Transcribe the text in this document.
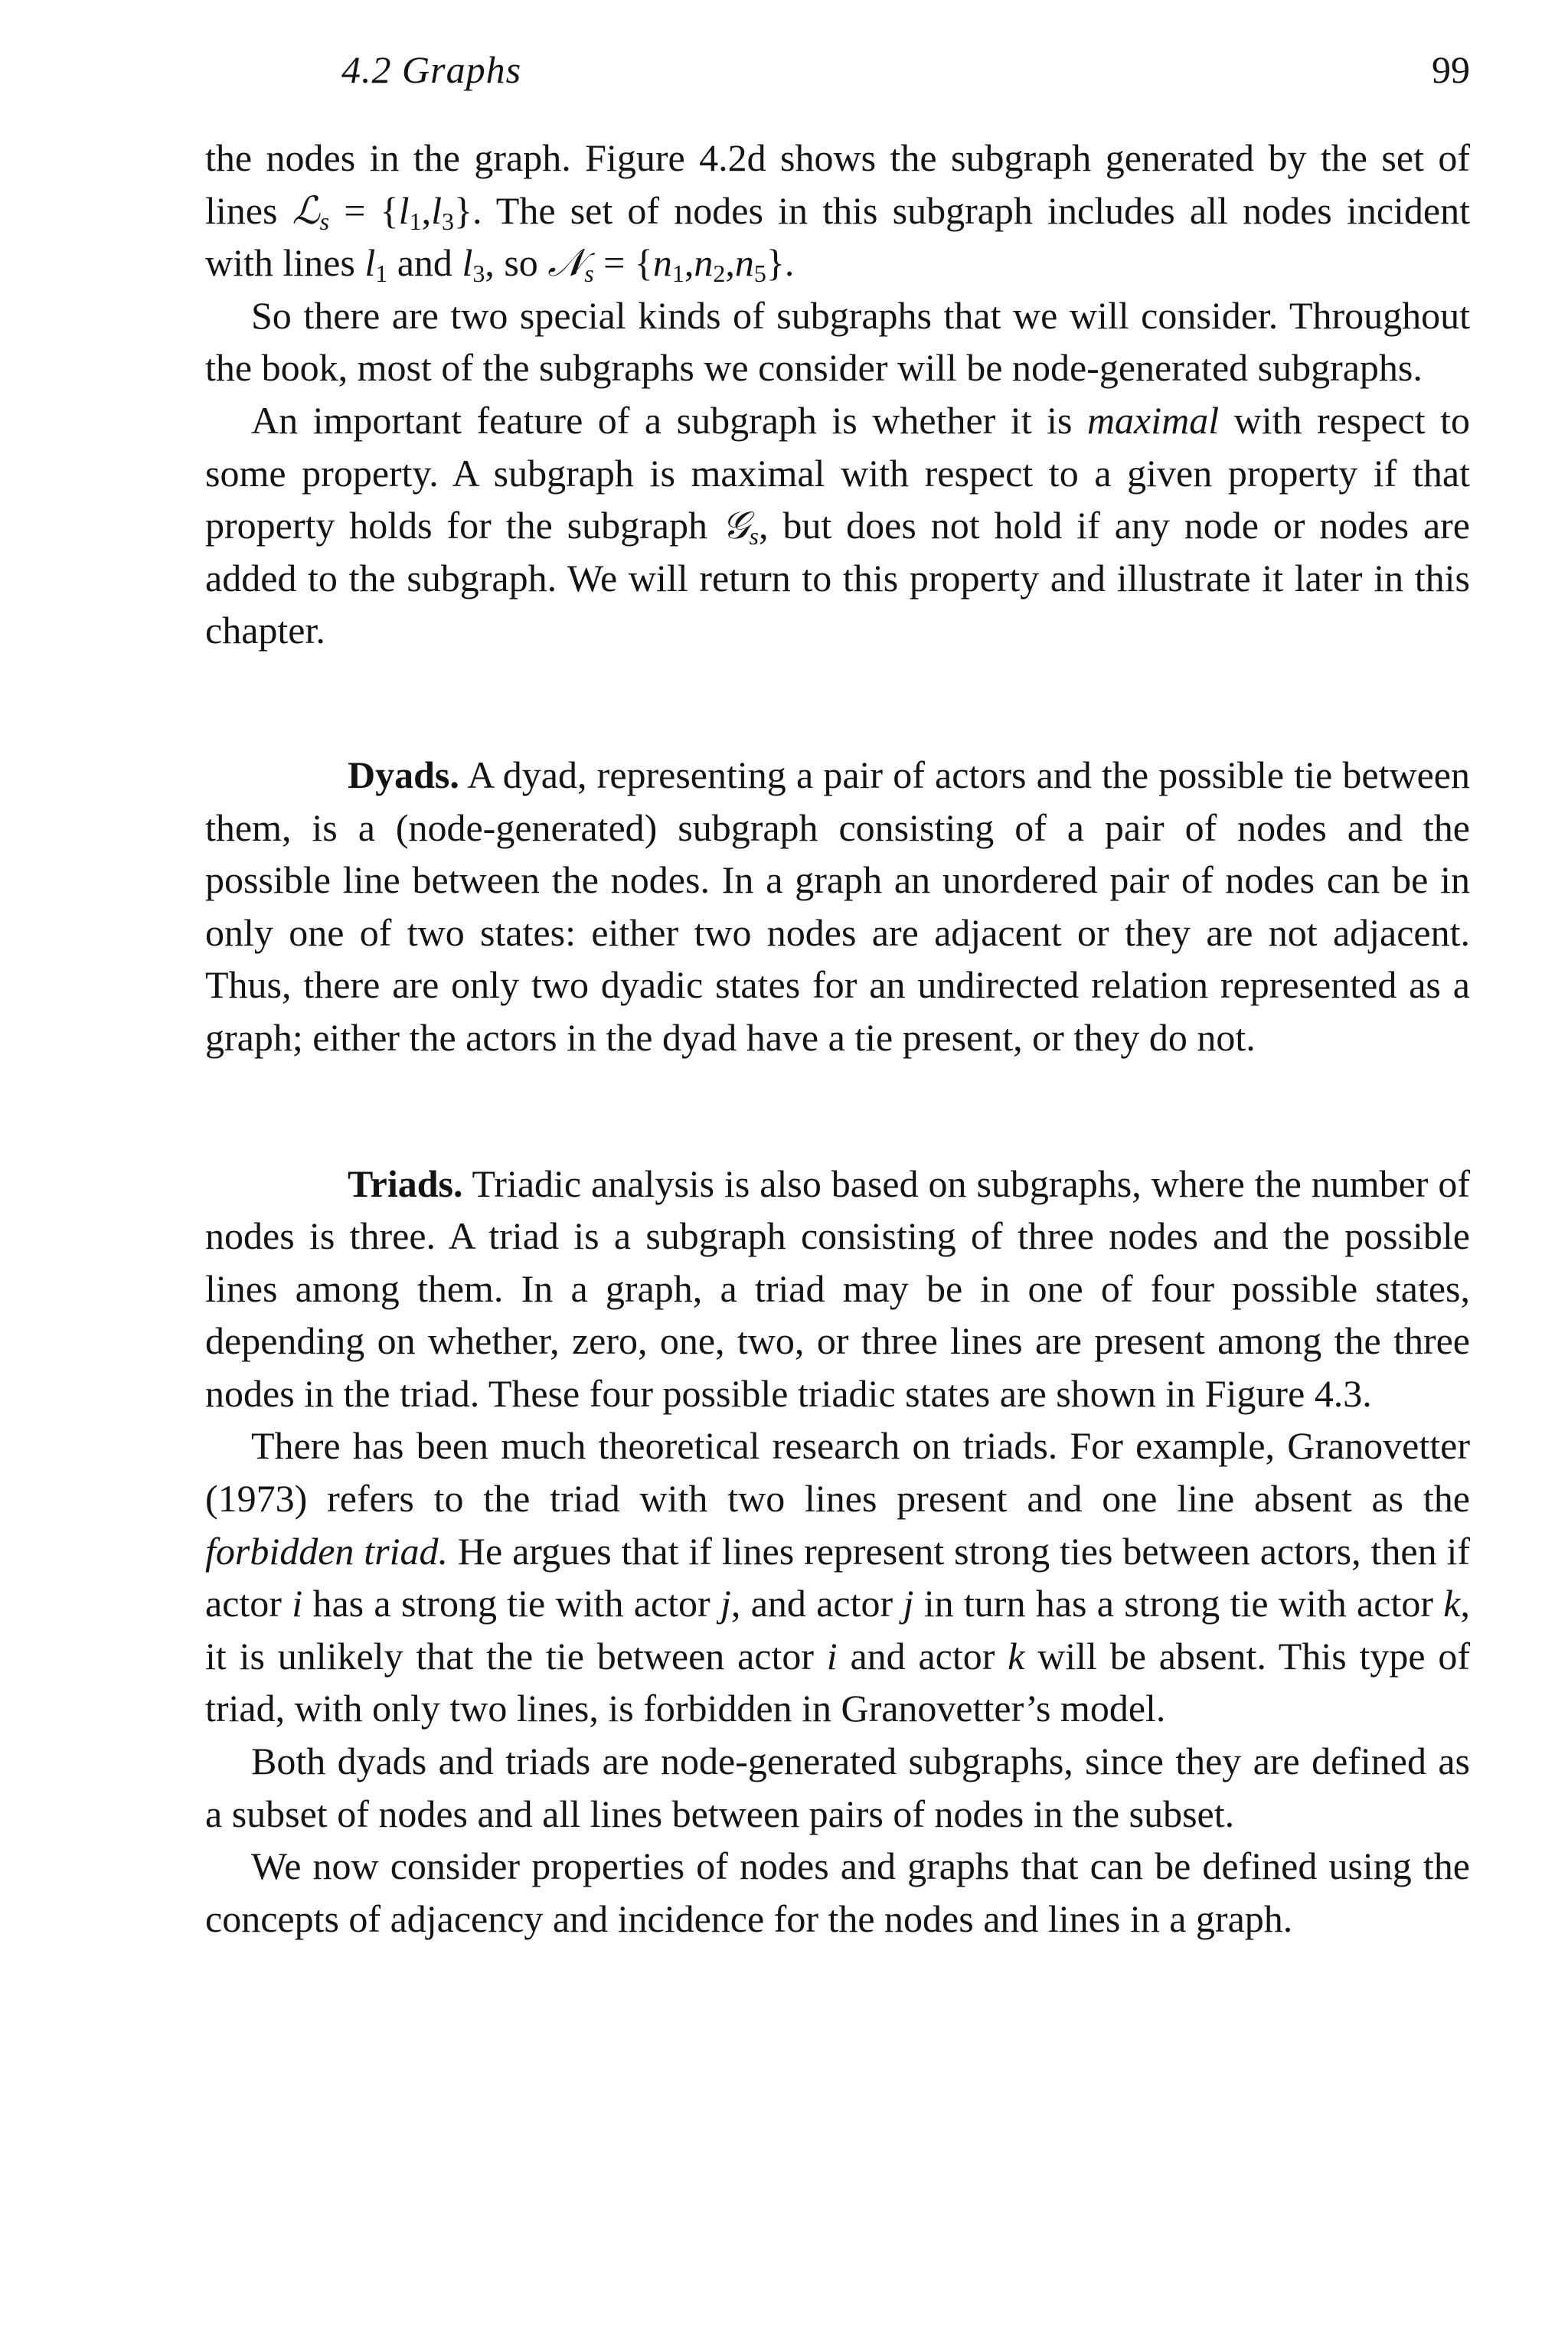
4.2 Graphs	99

the nodes in the graph. Figure 4.2d shows the subgraph generated by the set of lines ℒ$_s$ = $\{l_1,l_3\}$. The set of nodes in this subgraph includes all nodes incident with lines $l_1$ and $l_3$, so 𝒩$_s$ = $\{n_1,n_2,n_5\}$.

So there are two special kinds of subgraphs that we will consider. Throughout the book, most of the subgraphs we consider will be node-generated subgraphs.

An important feature of a subgraph is whether it is maximal with respect to some property. A subgraph is maximal with respect to a given property if that property holds for the subgraph 𝒢$_s$, but does not hold if any node or nodes are added to the subgraph. We will return to this property and illustrate it later in this chapter.

Dyads. A dyad, representing a pair of actors and the possible tie between them, is a (node-generated) subgraph consisting of a pair of nodes and the possible line between the nodes. In a graph an unordered pair of nodes can be in only one of two states: either two nodes are adjacent or they are not adjacent. Thus, there are only two dyadic states for an undirected relation represented as a graph; either the actors in the dyad have a tie present, or they do not.

Triads. Triadic analysis is also based on subgraphs, where the number of nodes is three. A triad is a subgraph consisting of three nodes and the possible lines among them. In a graph, a triad may be in one of four possible states, depending on whether, zero, one, two, or three lines are present among the three nodes in the triad. These four possible triadic states are shown in Figure 4.3.

There has been much theoretical research on triads. For example, Granovetter (1973) refers to the triad with two lines present and one line absent as the forbidden triad. He argues that if lines represent strong ties between actors, then if actor i has a strong tie with actor j, and actor j in turn has a strong tie with actor k, it is unlikely that the tie between actor i and actor k will be absent. This type of triad, with only two lines, is forbidden in Granovetter’s model.

Both dyads and triads are node-generated subgraphs, since they are defined as a subset of nodes and all lines between pairs of nodes in the subset.

We now consider properties of nodes and graphs that can be defined using the concepts of adjacency and incidence for the nodes and lines in a graph.
